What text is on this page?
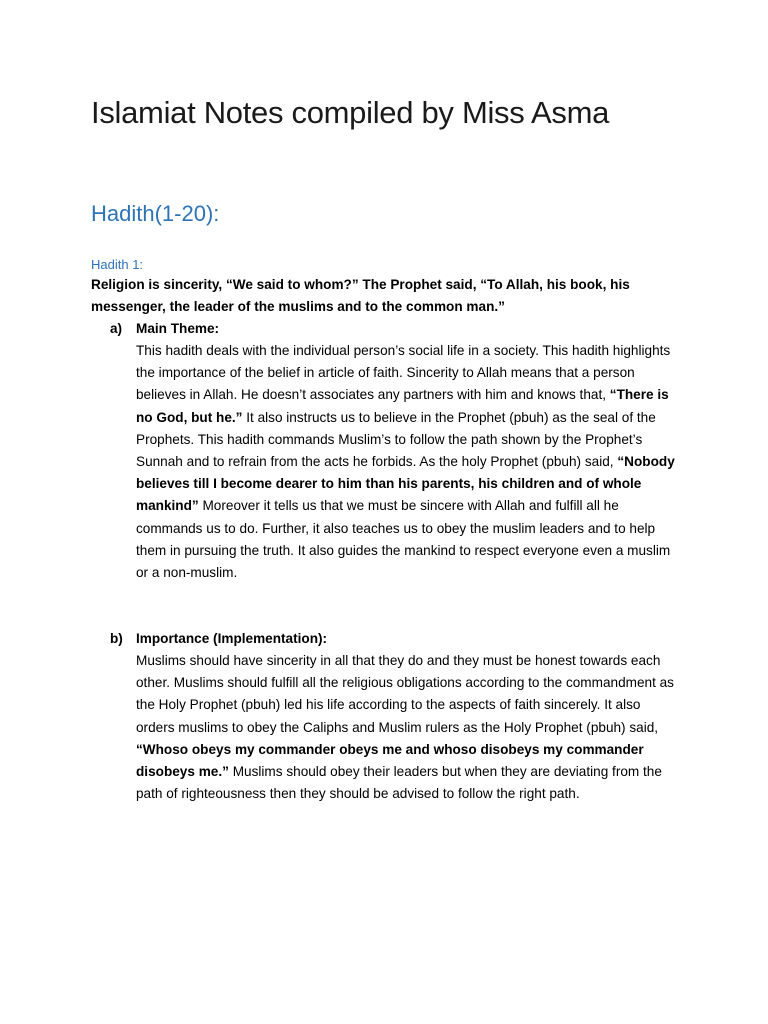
Islamiat Notes compiled by Miss Asma
Hadith(1-20):
Hadith 1:
Religion is sincerity, “We said to whom?” The Prophet said, “To Allah, his book, his messenger, the leader of the muslims and to the common man.”
a) Main Theme:
This hadith deals with the individual person’s social life in a society. This hadith highlights the importance of the belief in article of faith. Sincerity to Allah means that a person believes in Allah. He doesn’t associates any partners with him and knows that, “There is no God, but he.” It also instructs us to believe in the Prophet (pbuh) as the seal of the Prophets. This hadith commands Muslim’s to follow the path shown by the Prophet’s Sunnah and to refrain from the acts he forbids. As the holy Prophet (pbuh) said, “Nobody believes till I become dearer to him than his parents, his children and of whole mankind” Moreover it tells us that we must be sincere with Allah and fulfill all he commands us to do. Further, it also teaches us to obey the muslim leaders and to help them in pursuing the truth. It also guides the mankind to respect everyone even a muslim or a non-muslim.
b) Importance (Implementation):
Muslims should have sincerity in all that they do and they must be honest towards each other. Muslims should fulfill all the religious obligations according to the commandment as the Holy Prophet (pbuh) led his life according to the aspects of faith sincerely. It also orders muslims to obey the Caliphs and Muslim rulers as the Holy Prophet (pbuh) said, “Whoso obeys my commander obeys me and whoso disobeys my commander disobeys me.” Muslims should obey their leaders but when they are deviating from the path of righteousness then they should be advised to follow the right path.
